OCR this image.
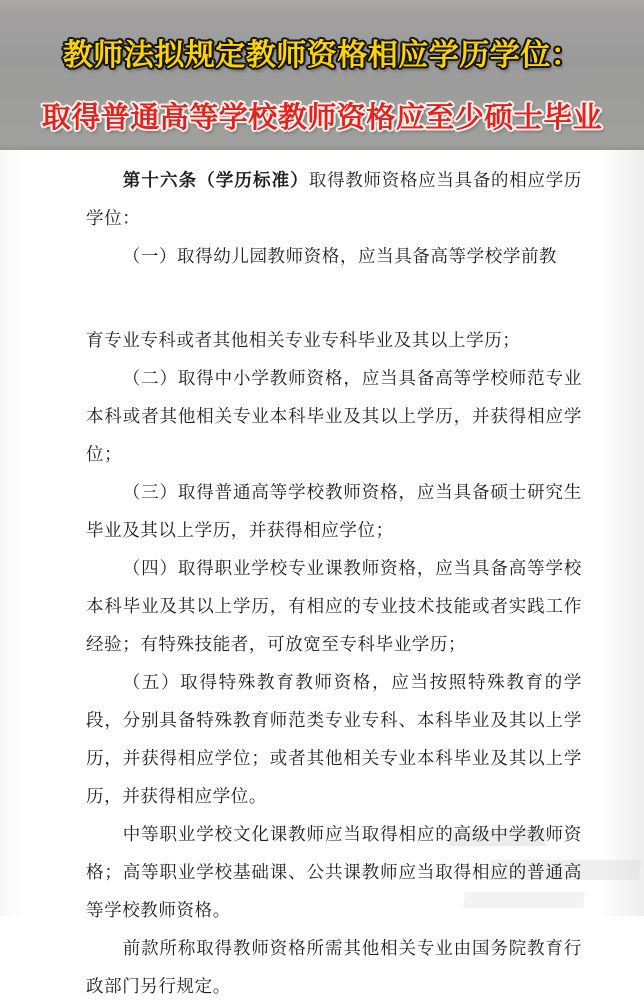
教师法拟规定教师资格相应学历学位：
取得普通高等学校教师资格应至少硕士毕业

第十六条（学历标准）取得教师资格应当具备的相应学历学位：

（一）取得幼儿园教师资格，应当具备高等学校学前教

育专业专科或者其他相关专业专科毕业及其以上学历；

（二）取得中小学教师资格，应当具备高等学校师范专业本科或者其他相关专业本科毕业及其以上学历，并获得相应学位；

（三）取得普通高等学校教师资格，应当具备硕士研究生毕业及其以上学历，并获得相应学位；

（四）取得职业学校专业课教师资格，应当具备高等学校本科毕业及其以上学历，有相应的专业技术技能或者实践工作经验；有特殊技能者，可放宽至专科毕业学历；

（五）取得特殊教育教师资格，应当按照特殊教育的学段，分别具备特殊教育师范类专业专科、本科毕业及其以上学历，并获得相应学位；或者其他相关专业本科毕业及其以上学历，并获得相应学位。

中等职业学校文化课教师应当取得相应的高级中学教师资格；高等职业学校基础课、公共课教师应当取得相应的普通高等学校教师资格。

前款所称取得教师资格所需其他相关专业由国务院教育行政部门另行规定。
